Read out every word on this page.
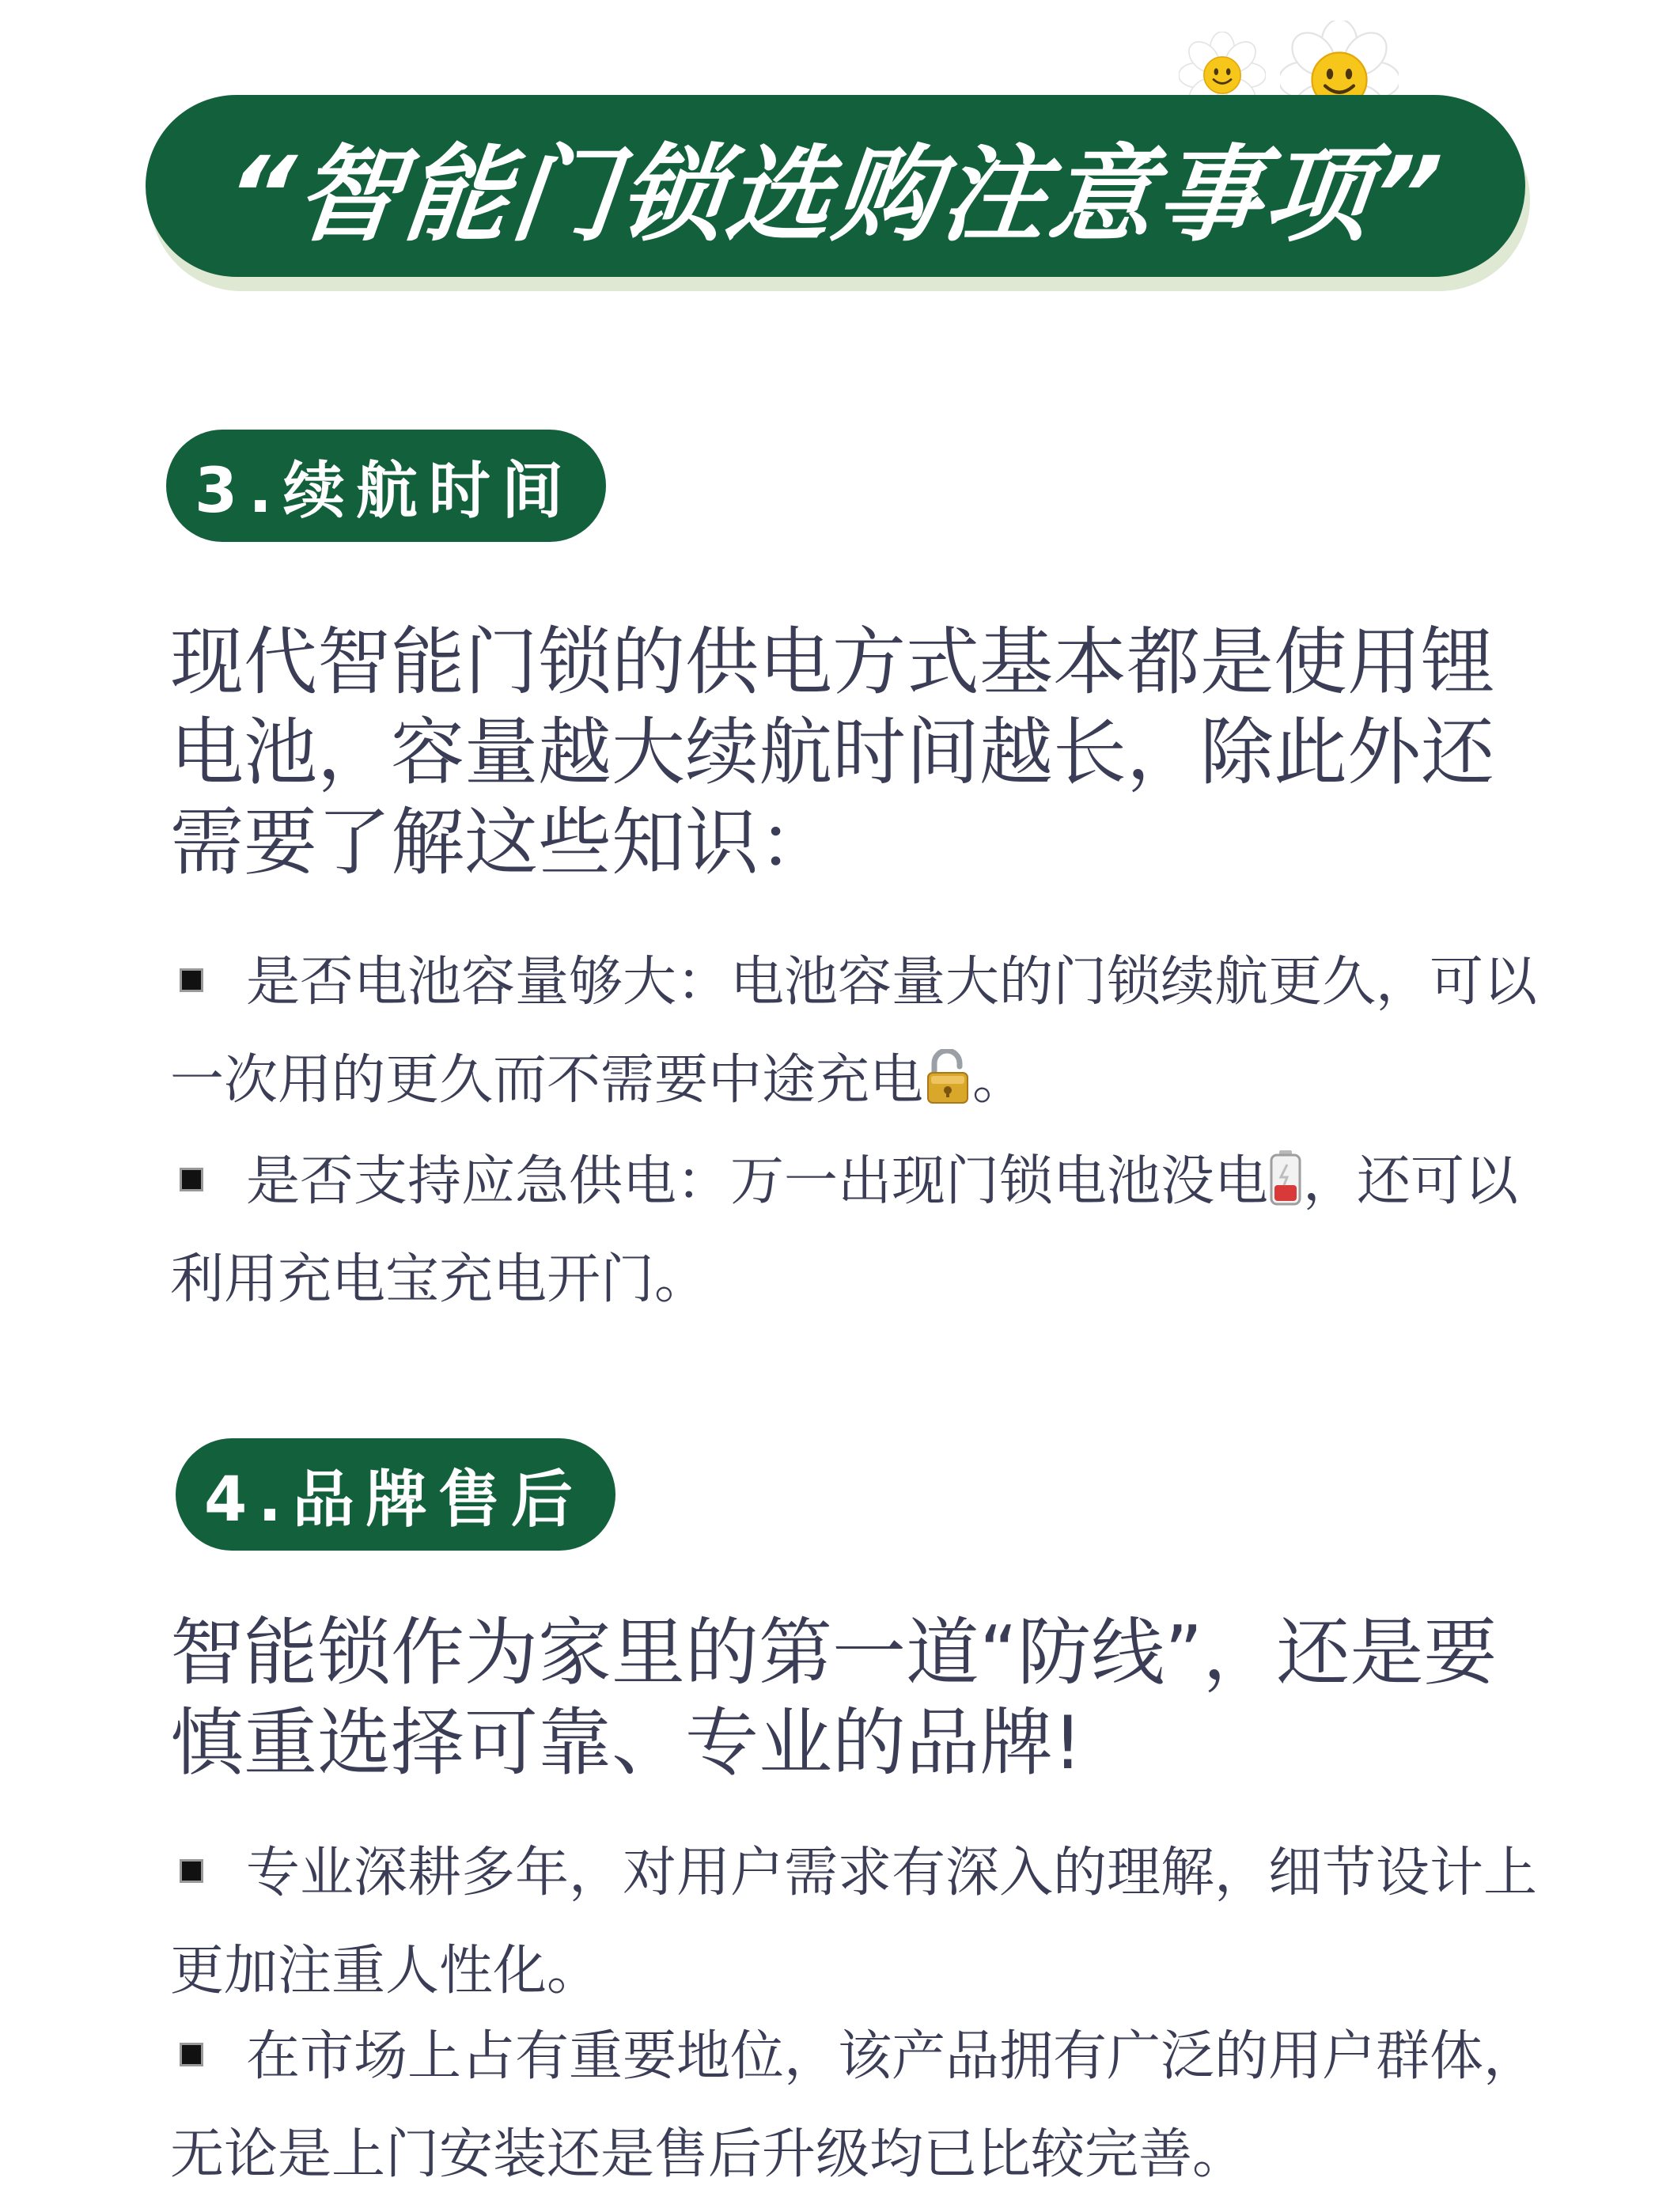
“智能门锁选购注意事项”
3.续航时间

现代智能门锁的供电方式基本都是使用锂电池，容量越大续航时间越长，除此外还需要了解这些知识：

是否电池容量够大：电池容量大的门锁续航更久，可以一次用的更久而不需要中途充电 。

是否支持应急供电：万一出现门锁电池没电 ，还可以利用充电宝充电开门。

4.品牌售后

智能锁作为家里的第一道“防线”，还是要慎重选择可靠、专业的品牌!

专业深耕多年，对用户需求有深入的理解，细节设计上更加注重人性化。

在市场上占有重要地位，该产品拥有广泛的用户群体，无论是上门安装还是售后升级均已比较完善。
